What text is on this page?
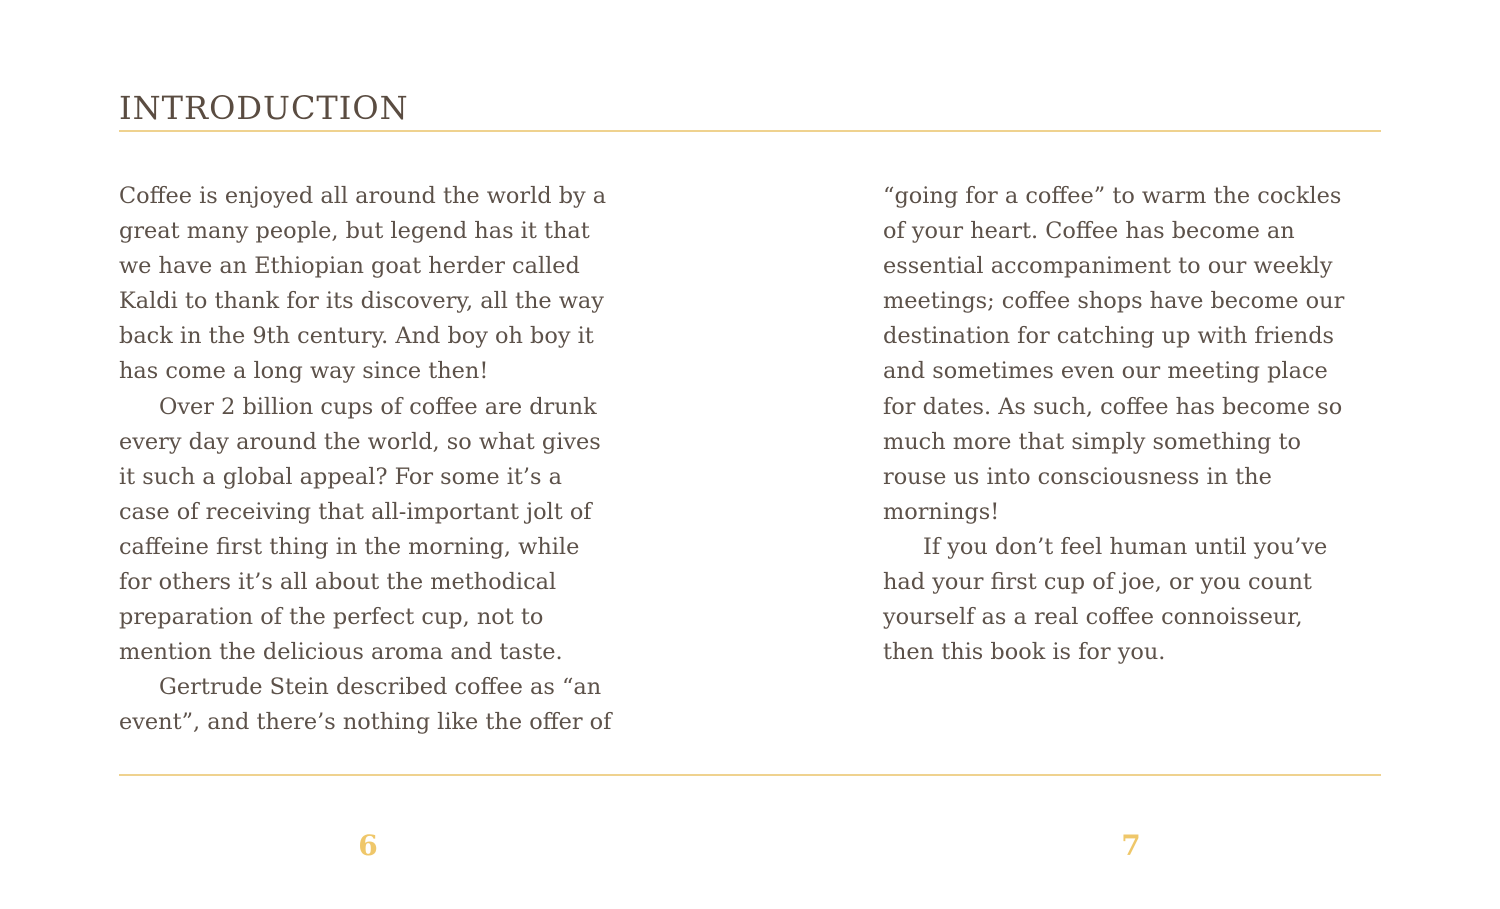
INTRODUCTION
Coffee is enjoyed all around the world by a
great many people, but legend has it that
we have an Ethiopian goat herder called
Kaldi to thank for its discovery, all the way
back in the 9th century. And boy oh boy it
has come a long way since then!
Over 2 billion cups of coffee are drunk
every day around the world, so what gives
it such a global appeal? For some it’s a
case of receiving that all-important jolt of
caffeine first thing in the morning, while
for others it’s all about the methodical
preparation of the perfect cup, not to
mention the delicious aroma and taste.
Gertrude Stein described coffee as “an
event”, and there’s nothing like the offer of
“going for a coffee” to warm the cockles
of your heart. Coffee has become an
essential accompaniment to our weekly
meetings; coffee shops have become our
destination for catching up with friends
and sometimes even our meeting place
for dates. As such, coffee has become so
much more that simply something to
rouse us into consciousness in the
mornings!
If you don’t feel human until you’ve
had your first cup of joe, or you count
yourself as a real coffee connoisseur,
then this book is for you.
6	7
